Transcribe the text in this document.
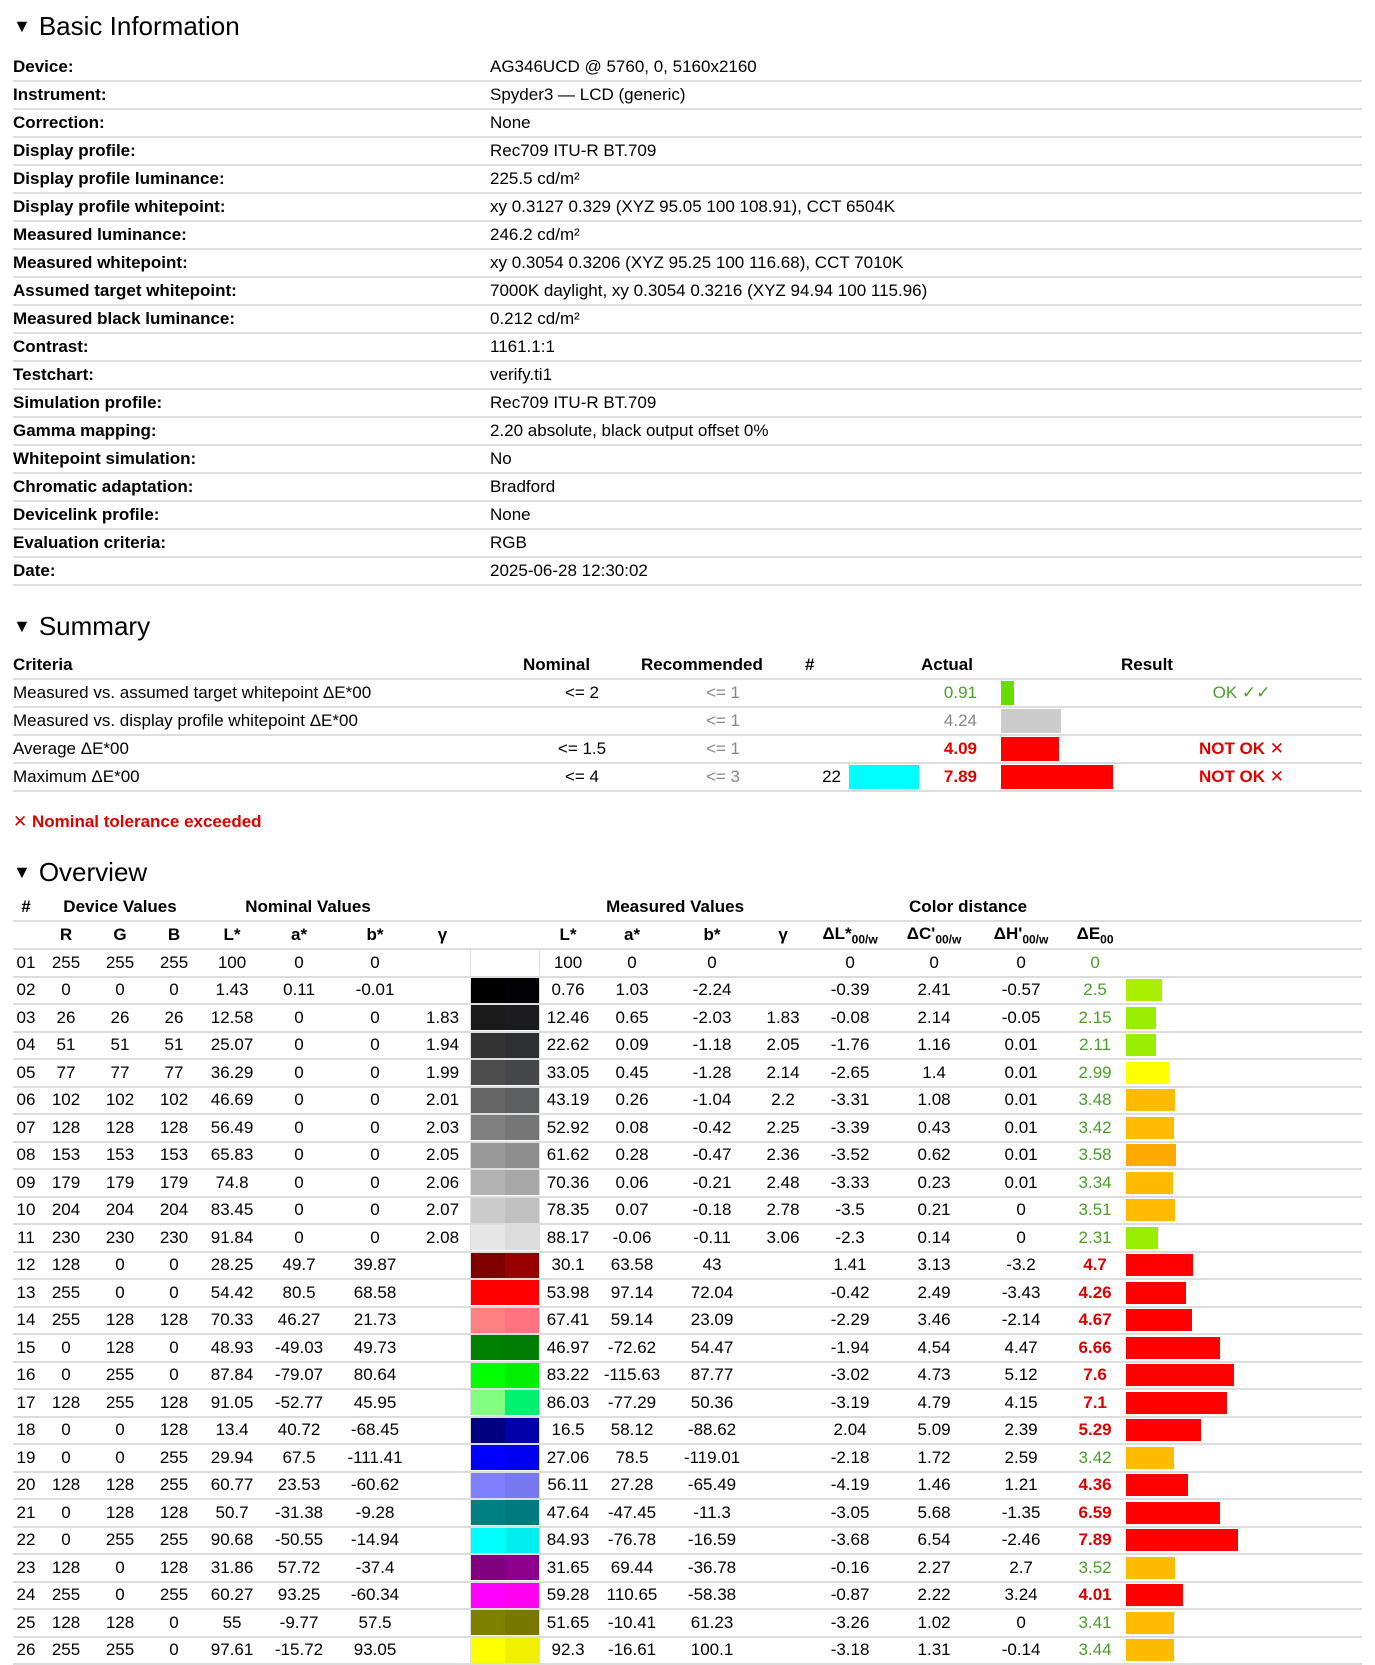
▼ Basic Information
Device:	AG346UCD @ 5760, 0, 5160x2160
Instrument:	Spyder3 — LCD (generic)
Correction:	None
Display profile:	Rec709 ITU-R BT.709
Display profile luminance:	225.5 cd/m²
Display profile whitepoint:	xy 0.3127 0.329 (XYZ 95.05 100 108.91), CCT 6504K
Measured luminance:	246.2 cd/m²
Measured whitepoint:	xy 0.3054 0.3206 (XYZ 95.25 100 116.68), CCT 7010K
Assumed target whitepoint:	7000K daylight, xy 0.3054 0.3216 (XYZ 94.94 100 115.96)
Measured black luminance:	0.212 cd/m²
Contrast:	1161.1:1
Testchart:	verify.ti1
Simulation profile:	Rec709 ITU-R BT.709
Gamma mapping:	2.20 absolute, black output offset 0%
Whitepoint simulation:	No
Chromatic adaptation:	Bradford
Devicelink profile:	None
Evaluation criteria:	RGB
Date:	2025-06-28 12:30:02
▼ Summary
Criteria	Nominal	Recommended	#		Actual		Result
Measured vs. assumed target whitepoint ΔE*00	<= 2	<= 1			0.91		OK ✓✓
Measured vs. display profile whitepoint ΔE*00		<= 1			4.24		
Average ΔE*00	<= 1.5	<= 1			4.09		NOT OK ✕
Maximum ΔE*00	<= 4	<= 3	22		7.89		NOT OK ✕
✕ Nominal tolerance exceeded
▼ Overview
#	Device Values			Nominal Values					Measured Values				Color distance				
	R	G	B	L*	a*	b*	γ		L*	a*	b*	γ	$\Delta L*_{00/w}$	$\Delta C'_{00/w}$	$\Delta H'_{00/w}$	$\Delta E_{00}$	
01	255	255	255	100	0	0			100	0	0		0	0	0	0	
02	0	0	0	1.43	0.11	-0.01			0.76	1.03	-2.24		-0.39	2.41	-0.57	2.5	

03	26	26	26	12.58	0	0	1.83		12.46	0.65	-2.03	1.83	-0.08	2.14	-0.05	2.15	

04	51	51	51	25.07	0	0	1.94		22.62	0.09	-1.18	2.05	-1.76	1.16	0.01	2.11	

05	77	77	77	36.29	0	0	1.99		33.05	0.45	-1.28	2.14	-2.65	1.4	0.01	2.99	

06	102	102	102	46.69	0	0	2.01		43.19	0.26	-1.04	2.2	-3.31	1.08	0.01	3.48	

07	128	128	128	56.49	0	0	2.03		52.92	0.08	-0.42	2.25	-3.39	0.43	0.01	3.42	

08	153	153	153	65.83	0	0	2.05		61.62	0.28	-0.47	2.36	-3.52	0.62	0.01	3.58	

09	179	179	179	74.8	0	0	2.06		70.36	0.06	-0.21	2.48	-3.33	0.23	0.01	3.34	

10	204	204	204	83.45	0	0	2.07		78.35	0.07	-0.18	2.78	-3.5	0.21	0	3.51	

11	230	230	230	91.84	0	0	2.08		88.17	-0.06	-0.11	3.06	-2.3	0.14	0	2.31	

12	128	0	0	28.25	49.7	39.87			30.1	63.58	43		1.41	3.13	-3.2	4.7	

13	255	0	0	54.42	80.5	68.58			53.98	97.14	72.04		-0.42	2.49	-3.43	4.26	

14	255	128	128	70.33	46.27	21.73			67.41	59.14	23.09		-2.29	3.46	-2.14	4.67	

15	0	128	0	48.93	-49.03	49.73			46.97	-72.62	54.47		-1.94	4.54	4.47	6.66	

16	0	255	0	87.84	-79.07	80.64			83.22	-115.63	87.77		-3.02	4.73	5.12	7.6	

17	128	255	128	91.05	-52.77	45.95			86.03	-77.29	50.36		-3.19	4.79	4.15	7.1	

18	0	0	128	13.4	40.72	-68.45			16.5	58.12	-88.62		2.04	5.09	2.39	5.29	

19	0	0	255	29.94	67.5	-111.41			27.06	78.5	-119.01		-2.18	1.72	2.59	3.42	

20	128	128	255	60.77	23.53	-60.62			56.11	27.28	-65.49		-4.19	1.46	1.21	4.36	

21	0	128	128	50.7	-31.38	-9.28			47.64	-47.45	-11.3		-3.05	5.68	-1.35	6.59	

22	0	255	255	90.68	-50.55	-14.94			84.93	-76.78	-16.59		-3.68	6.54	-2.46	7.89	

23	128	0	128	31.86	57.72	-37.4			31.65	69.44	-36.78		-0.16	2.27	2.7	3.52	

24	255	0	255	60.27	93.25	-60.34			59.28	110.65	-58.38		-0.87	2.22	3.24	4.01	

25	128	128	0	55	-9.77	57.5			51.65	-10.41	61.23		-3.26	1.02	0	3.41	

26	255	255	0	97.61	-15.72	93.05			92.3	-16.61	100.1		-3.18	1.31	-0.14	3.44	
